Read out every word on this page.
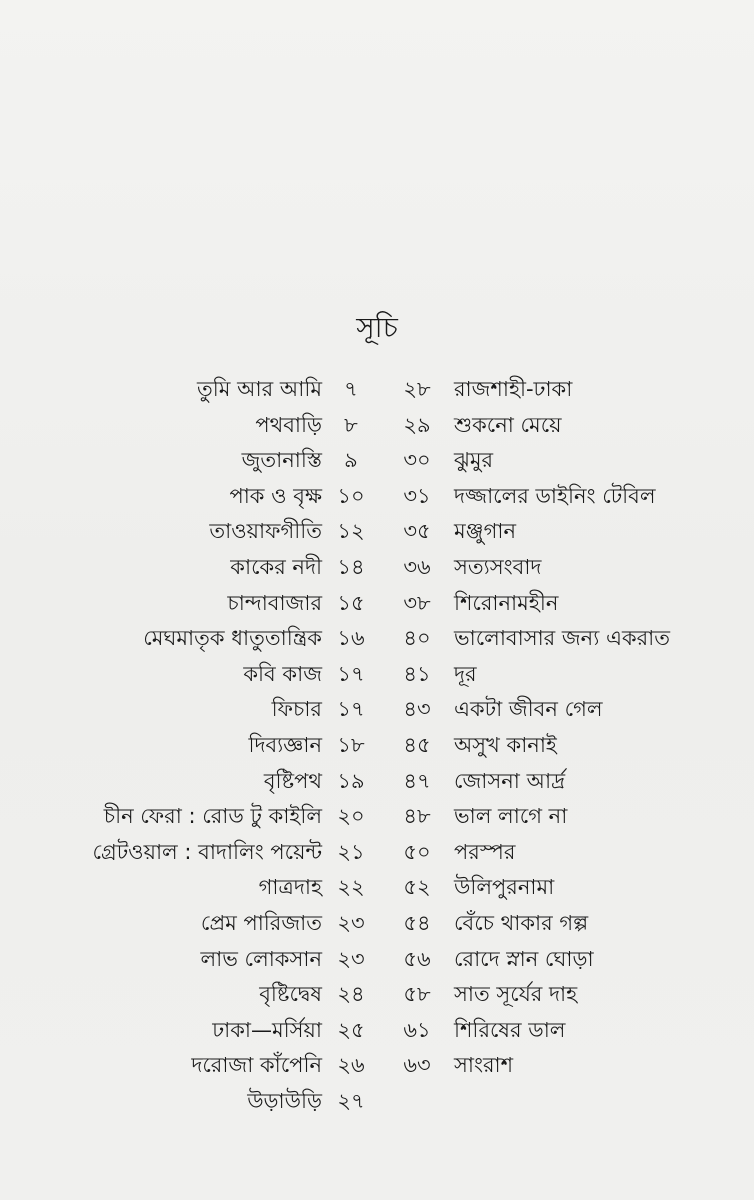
সূচি
তুমি আর আমি	৭	২৮	রাজশাহী-ঢাকা
পথবাড়ি	৮	২৯	শুকনো মেয়ে
জুতানাস্তি	৯	৩০	ঝুমুর
পাক ও বৃক্ষ ১০	৩১	দজ্জালের ডাইনিং টেবিল
তাওয়াফগীতি ১২	৩৫	মঞ্জুগান
কাকের নদী ১৪	৩৬	সত্যসংবাদ
চান্দাবাজার ১৫	৩৮	শিরোনামহীন
মেঘমাতৃক ধাতুতান্ত্রিক ১৬	৪০	ভালোবাসার জন্য একরাত
কবি কাজ ১৭	৪১	দূর
ফিচার ১৭	৪৩	একটা জীবন গেল
দিব্যজ্ঞান ১৮	৪৫	অসুখ কানাই
বৃষ্টিপথ ১৯	৪৭	জোসনা আর্দ্র
চীন ফেরা : রোড টু কাইলি ২০	৪৮	ভাল লাগে না
গ্রেটওয়াল : বাদালিং পয়েন্ট ২১	৫০	পরস্পর
গাত্রদাহ ২২	৫২	উলিপুরনামা
প্রেম পারিজাত ২৩	৫৪	বেঁচে থাকার গল্প
লাভ লোকসান ২৩	৫৬	রোদে স্নান ঘোড়া
বৃষ্টিদ্বেষ ২৪	৫৮	সাত সূর্যের দাহ
ঢাকা—মর্সিয়া ২৫	৬১	শিরিষের ডাল
দরোজা কাঁপেনি ২৬	৬৩	সাংরাশ
উড়াউড়ি ২৭
